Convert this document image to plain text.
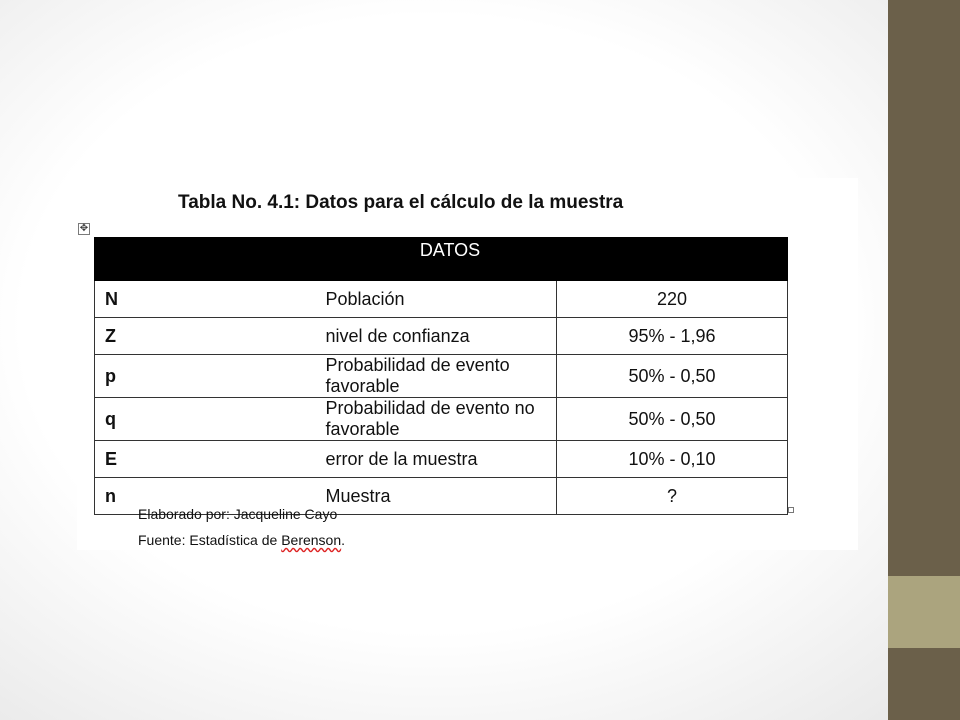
Tabla No. 4.1: Datos para el cálculo de la muestra
✥
DATOS		
N	Población	220
Z	nivel de confianza	95% - 1,96
p	Probabilidad de evento favorable	50% - 0,50
q	Probabilidad de evento no favorable	50% - 0,50
E	error de la muestra	10% - 0,10
n	Muestra	?

Elaborado por: Jacqueline Cayo

Fuente: Estadística de Berenson.
